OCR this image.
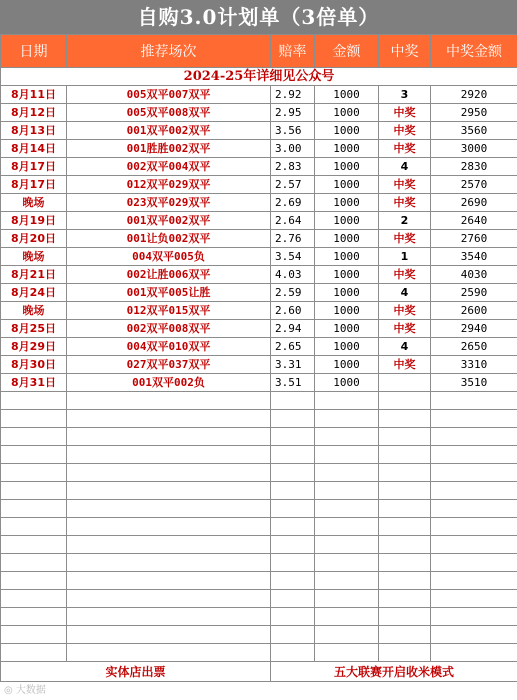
自购3.0计划单（3倍单）
日期	推荐场次	赔率	金额	中奖	中奖金额
2024-25年详细见公众号					
8月11日	005双平007双平	2.92	1000	3	2920
8月12日	005双平008双平	2.95	1000	中奖	2950
8月13日	001双平002双平	3.56	1000	中奖	3560
8月14日	001胜胜002双平	3.00	1000	中奖	3000
8月17日	002双平004双平	2.83	1000	4	2830
8月17日	012双平029双平	2.57	1000	中奖	2570
晚场	023双平029双平	2.69	1000	中奖	2690
8月19日	001双平002双平	2.64	1000	2	2640
8月20日	001让负002双平	2.76	1000	中奖	2760
晚场	004双平005负	3.54	1000	1	3540
8月21日	002让胜006双平	4.03	1000	中奖	4030
8月24日	001双平005让胜	2.59	1000	4	2590
晚场	012双平015双平	2.60	1000	中奖	2600
8月25日	002双平008双平	2.94	1000	中奖	2940
8月29日	004双平010双平	2.65	1000	4	2650
8月30日	027双平037双平	3.31	1000	中奖	3310
8月31日	001双平002负	3.51	1000		3510

实体店出票		五大联赛开启收米模式			
◎ 大数据
